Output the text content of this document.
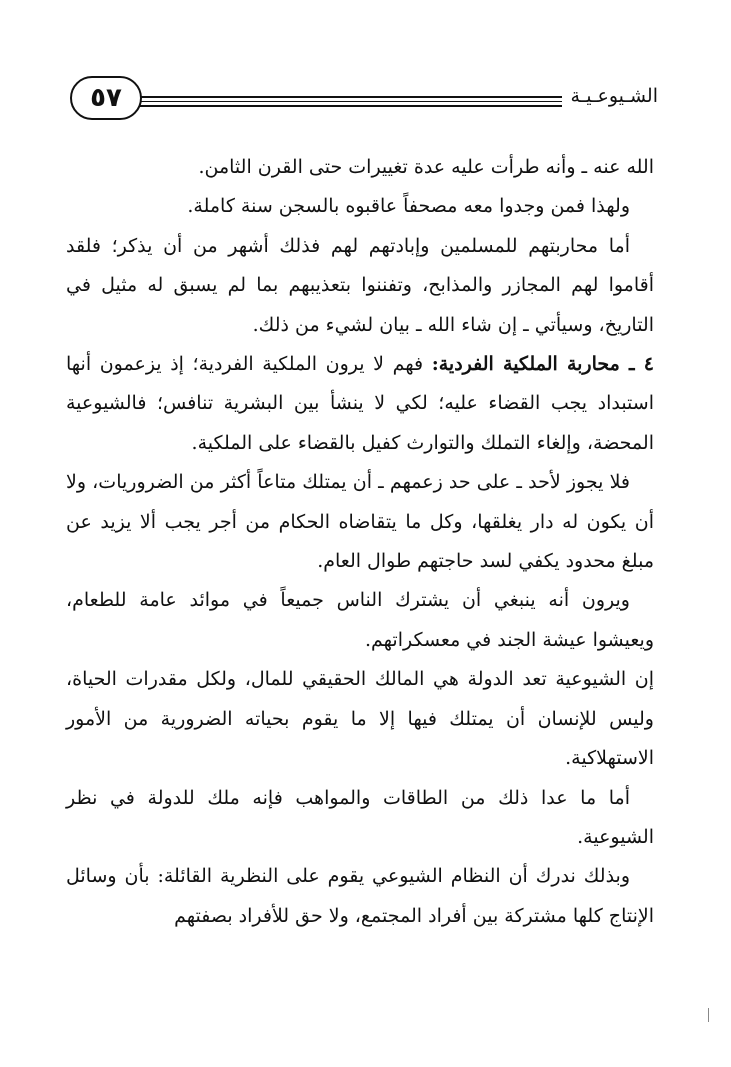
الشـيوعـيـة
٥٧

الله عنه ـ وأنه طرأت عليه عدة تغييرات حتى القرن الثامن.

ولهذا فمن وجدوا معه مصحفاً عاقبوه بالسجن سنة كاملة.

أما محاربتهم للمسلمين وإبادتهم لهم فذلك أشهر من أن يذكر؛ فلقد أقاموا لهم المجازر والمذابح، وتفننوا بتعذيبهم بما لم يسبق له مثيل في التاريخ، وسيأتي ـ إن شاء الله ـ بيان لشيء من ذلك.

٤ ـ محاربة الملكية الفردية: فهم لا يرون الملكية الفردية؛ إذ يزعمون أنها استبداد يجب القضاء عليه؛ لكي لا ينشأ بين البشرية تنافس؛ فالشيوعية المحضة، وإلغاء التملك والتوارث كفيل بالقضاء على الملكية.

فلا يجوز لأحد ـ على حد زعمهم ـ أن يمتلك متاعاً أكثر من الضروريات، ولا أن يكون له دار يغلقها، وكل ما يتقاضاه الحكام من أجر يجب ألا يزيد عن مبلغ محدود يكفي لسد حاجتهم طوال العام.

ويرون أنه ينبغي أن يشترك الناس جميعاً في موائد عامة للطعام، ويعيشوا عيشة الجند في معسكراتهم.

إن الشيوعية تعد الدولة هي المالك الحقيقي للمال، ولكل مقدرات الحياة، وليس للإنسان أن يمتلك فيها إلا ما يقوم بحياته الضرورية من الأمور الاستهلاكية.

أما ما عدا ذلك من الطاقات والمواهب فإنه ملك للدولة في نظر الشيوعية.

وبذلك ندرك أن النظام الشيوعي يقوم على النظرية القائلة: بأن وسائل الإنتاج كلها مشتركة بين أفراد المجتمع، ولا حق للأفراد بصفتهم
